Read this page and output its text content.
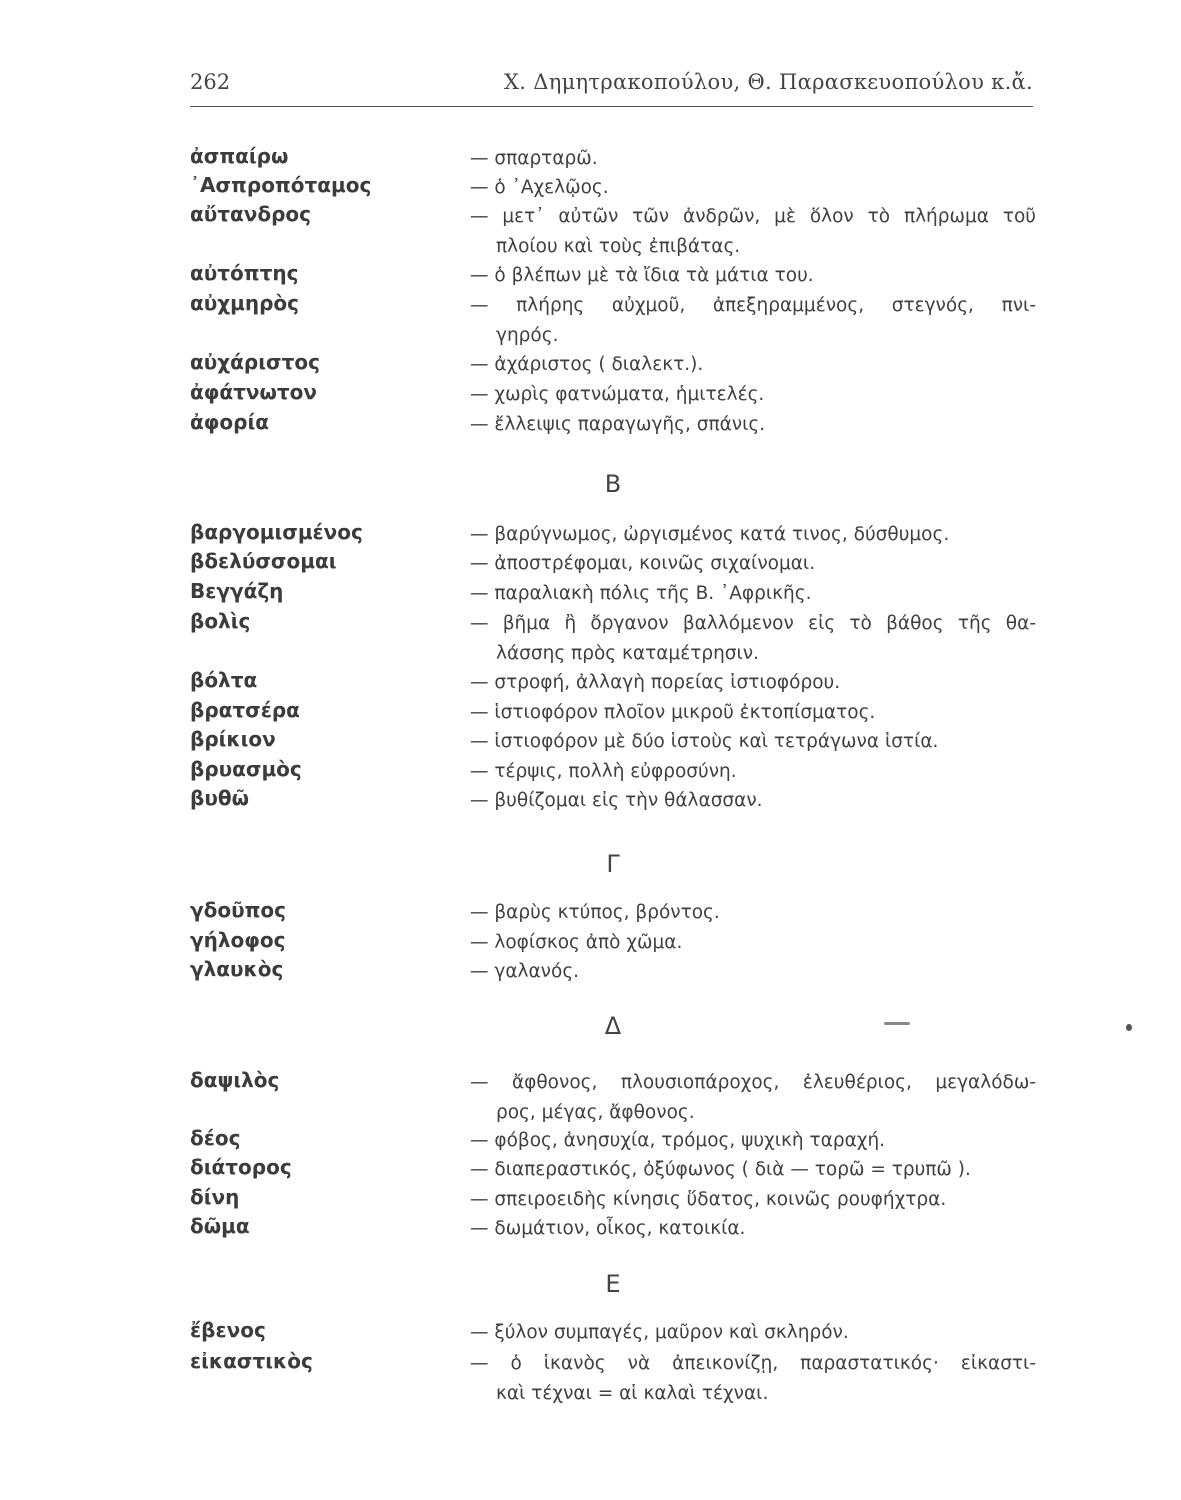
262	Χ. Δημητρακοπούλου, Θ. Παρασκευοπούλου κ.ἄ.
ἀσπαίρω	— σπαρταρῶ.
᾿Ασπροπόταμος	— ὁ ᾿Αχελῷος.
αὔτανδρος	— μετ᾿ αὐτῶν τῶν ἀνδρῶν, μὲ ὅλον τὸ πλήρωμα τοῦ
πλοίου καὶ τοὺς ἐπιβάτας.
αὐτόπτης	— ὁ βλέπων μὲ τὰ ἴδια τὰ μάτια του.
αὐχμηρὸς	— πλήρης αὐχμοῦ, ἀπεξηραμμένος, στεγνός, πνι-
γηρός.
αὐχάριστος	— ἀχάριστος ( διαλεκτ.).
ἀφάτνωτον	— χωρὶς φατνώματα, ἡμιτελές.
ἀφορία	— ἔλλειψις παραγωγῆς, σπάνις.
Β
βαργομισμένος	— βαρύγνωμος, ὠργισμένος κατά τινος, δύσθυμος.
βδελύσσομαι	— ἀποστρέφομαι, κοινῶς σιχαίνομαι.
Βεγγάζη	— παραλιακὴ πόλις τῆς Β. ᾿Αφρικῆς.
βολὶς	— βῆμα ἢ ὄργανον βαλλόμενον εἰς τὸ βάθος τῆς θα-
λάσσης πρὸς καταμέτρησιν.
βόλτα	— στροφή, ἀλλαγὴ πορείας ἱστιοφόρου.
βρατσέρα	— ἱστιοφόρον πλοῖον μικροῦ ἐκτοπίσματος.
βρίκιον	— ἱστιοφόρον μὲ δύο ἱστοὺς καὶ τετράγωνα ἱστία.
βρυασμὸς	— τέρψις, πολλὴ εὐφροσύνη.
βυθῶ	— βυθίζομαι εἰς τὴν θάλασσαν.
Γ
γδοῦπος	— βαρὺς κτύπος, βρόντος.
γήλοφος	— λοφίσκος ἀπὸ χῶμα.
γλαυκὸς	— γαλανός.
Δ
δαψιλὸς	— ἄφθονος, πλουσιοπάροχος, ἐλευθέριος, μεγαλόδω-
ρος, μέγας, ἄφθονος.
δέος	— φόβος, ἀνησυχία, τρόμος, ψυχικὴ ταραχή.
διάτορος	— διαπεραστικός, ὀξύφωνος ( διὰ — τορῶ = τρυπῶ ).
δίνη	— σπειροειδὴς κίνησις ὕδατος, κοινῶς ρουφήχτρα.
δῶμα	— δωμάτιον, οἶκος, κατοικία.
Ε
ἔβενος	— ξύλον συμπαγές, μαῦρον καὶ σκληρόν.
εἰκαστικὸς	— ὁ ἱκανὸς νὰ ἀπεικονίζῃ, παραστατικός· εἰκαστι-
καὶ τέχναι = αἱ καλαὶ τέχναι.
